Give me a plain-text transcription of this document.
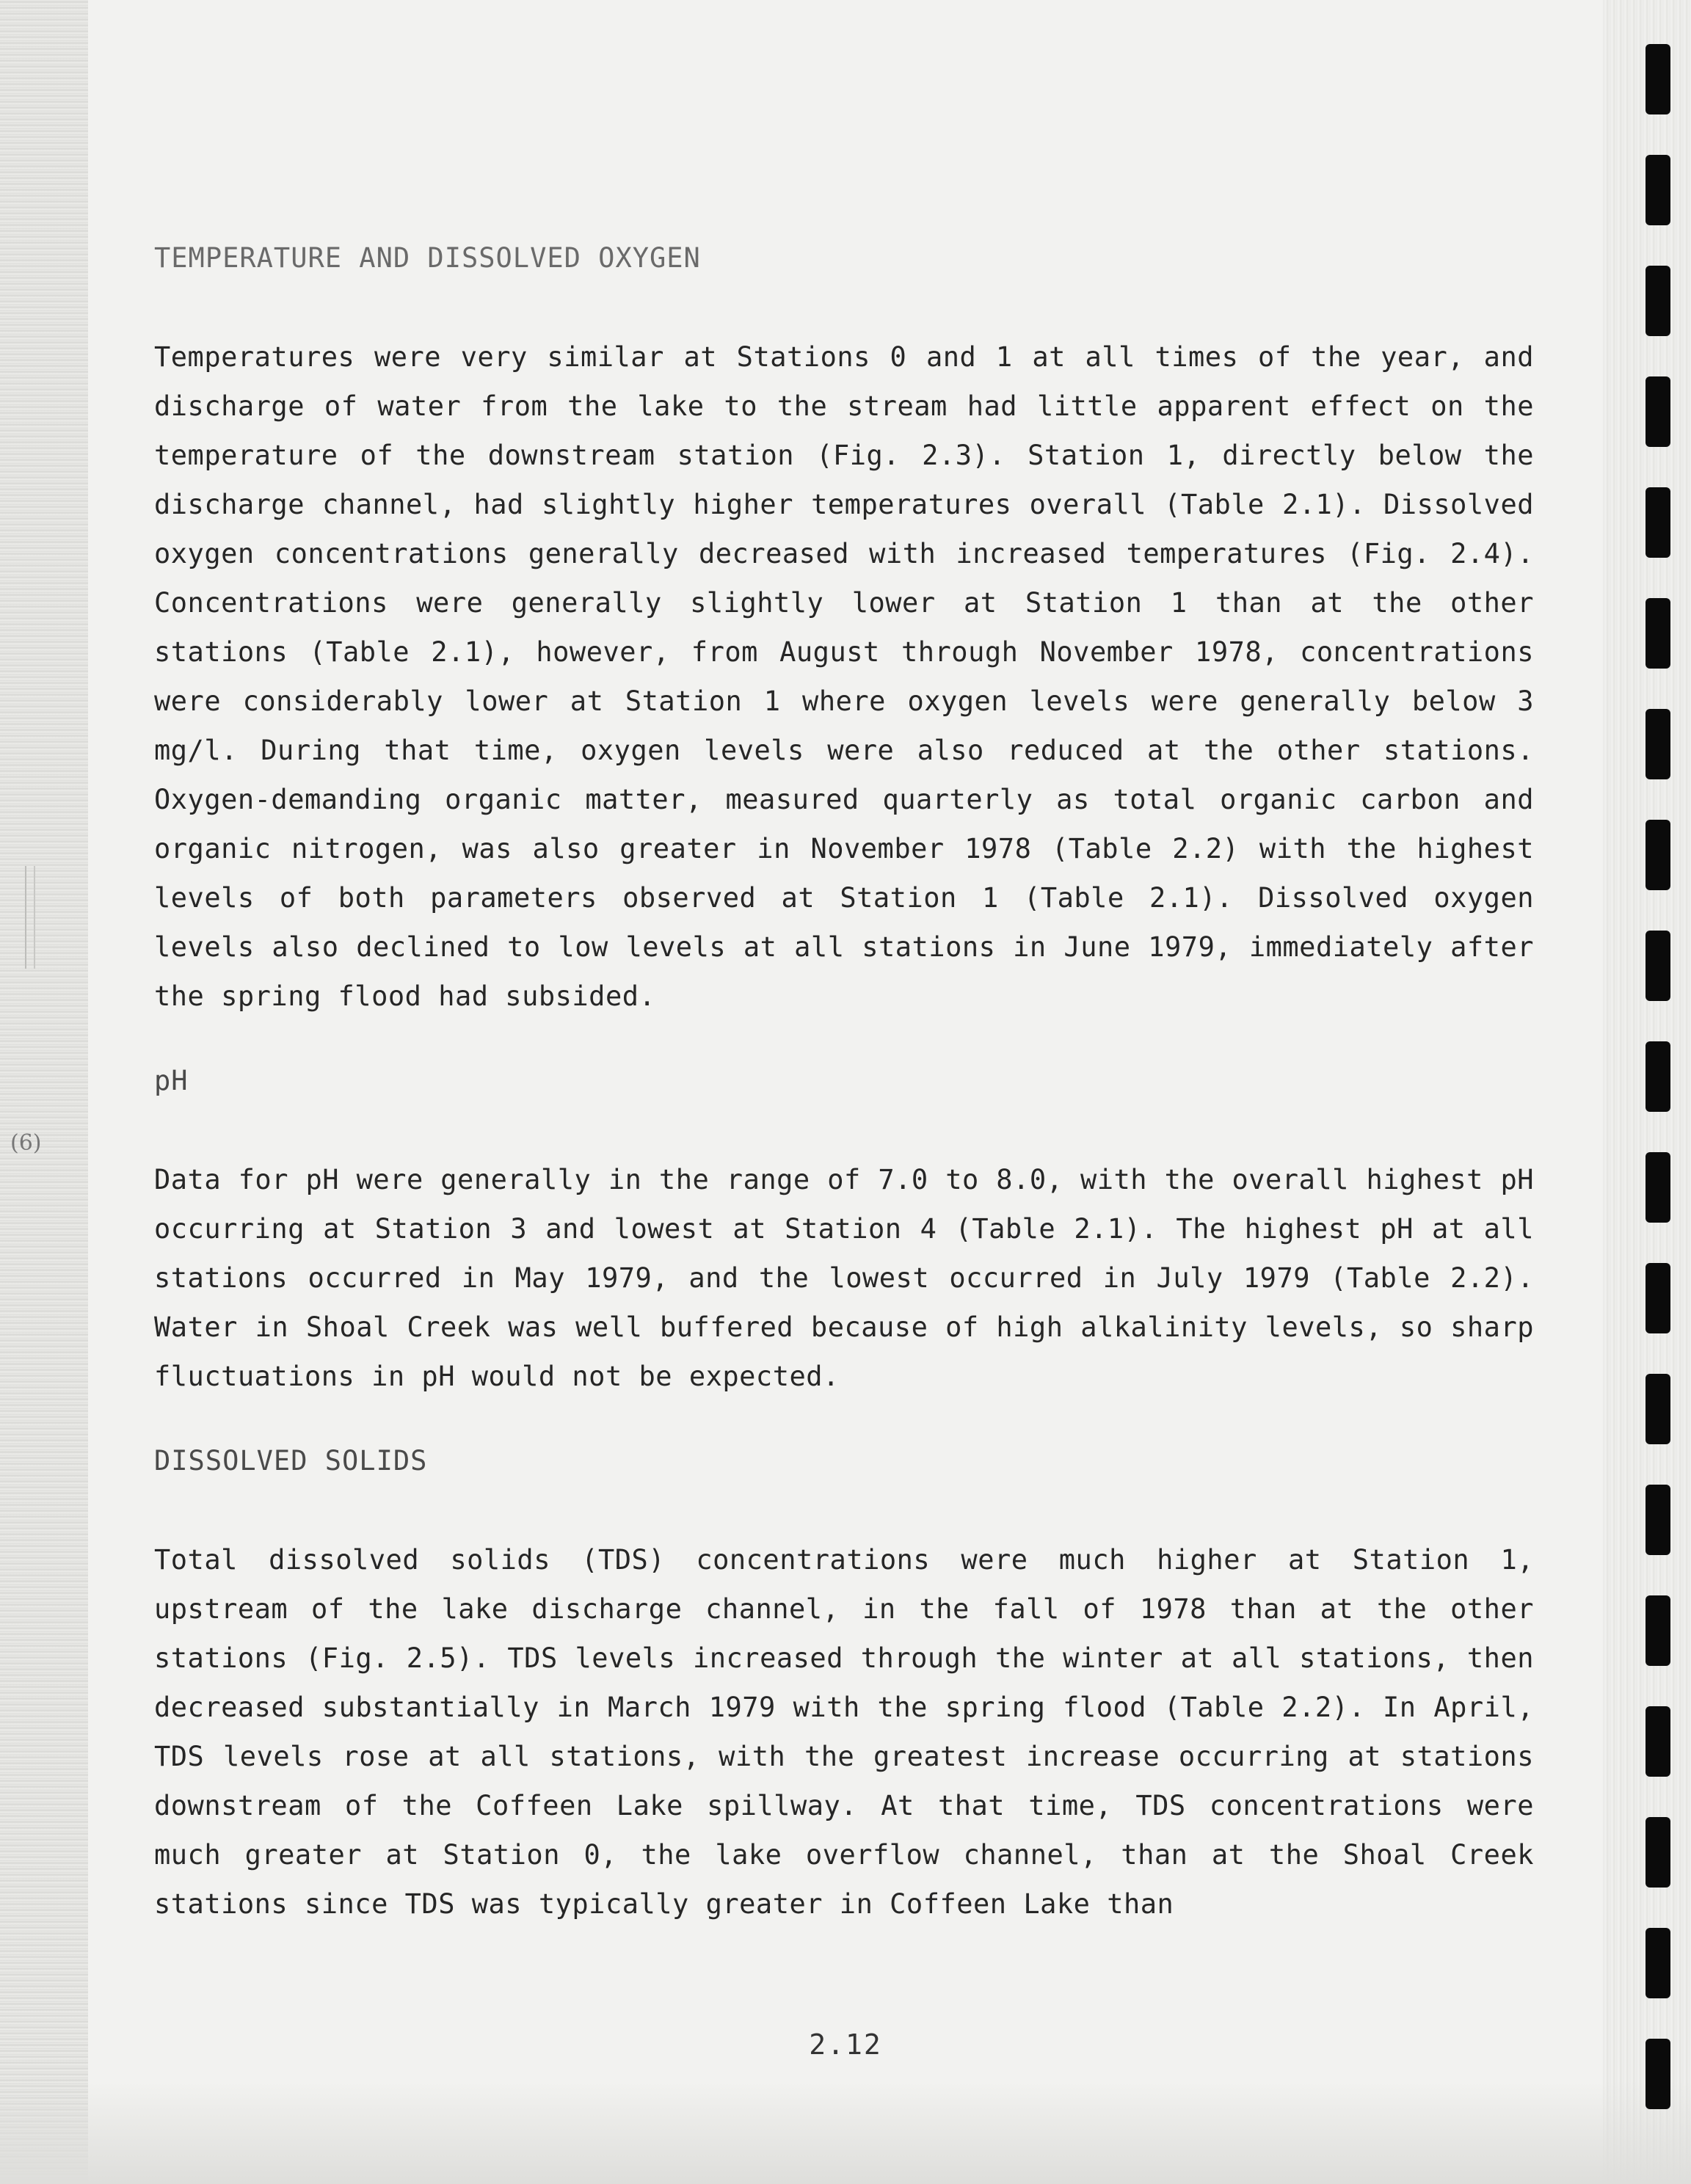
(6)
TEMPERATURE AND DISSOLVED OXYGEN

Temperatures were very similar at Stations 0 and 1 at all times of the year, and discharge of water from the lake to the stream had little apparent effect on the temperature of the downstream station (Fig. 2.3). Station 1, directly below the discharge channel, had slightly higher temperatures overall (Table 2.1). Dissolved oxygen concentrations generally decreased with increased temperatures (Fig. 2.4). Concentrations were generally slightly lower at Station 1 than at the other stations (Table 2.1), however, from August through November 1978, concentrations were considerably lower at Station 1 where oxygen levels were generally below 3 mg/l. During that time, oxygen levels were also reduced at the other stations. Oxygen-demanding organic matter, measured quarterly as total organic carbon and organic nitrogen, was also greater in November 1978 (Table 2.2) with the highest levels of both parameters observed at Station 1 (Table 2.1). Dissolved oxygen levels also declined to low levels at all stations in June 1979, immediately after the spring flood had subsided.

pH

Data for pH were generally in the range of 7.0 to 8.0, with the overall highest pH occurring at Station 3 and lowest at Station 4 (Table 2.1). The highest pH at all stations occurred in May 1979, and the lowest occurred in July 1979 (Table 2.2). Water in Shoal Creek was well buffered because of high alkalinity levels, so sharp fluctuations in pH would not be expected.

DISSOLVED SOLIDS

Total dissolved solids (TDS) concentrations were much higher at Station 1, upstream of the lake discharge channel, in the fall of 1978 than at the other stations (Fig. 2.5). TDS levels increased through the winter at all stations, then decreased substantially in March 1979 with the spring flood (Table 2.2). In April, TDS levels rose at all stations, with the greatest increase occurring at stations downstream of the Coffeen Lake spillway. At that time, TDS concentrations were much greater at Station 0, the lake overflow channel, than at the Shoal Creek stations since TDS was typically greater in Coffeen Lake than

2.12
